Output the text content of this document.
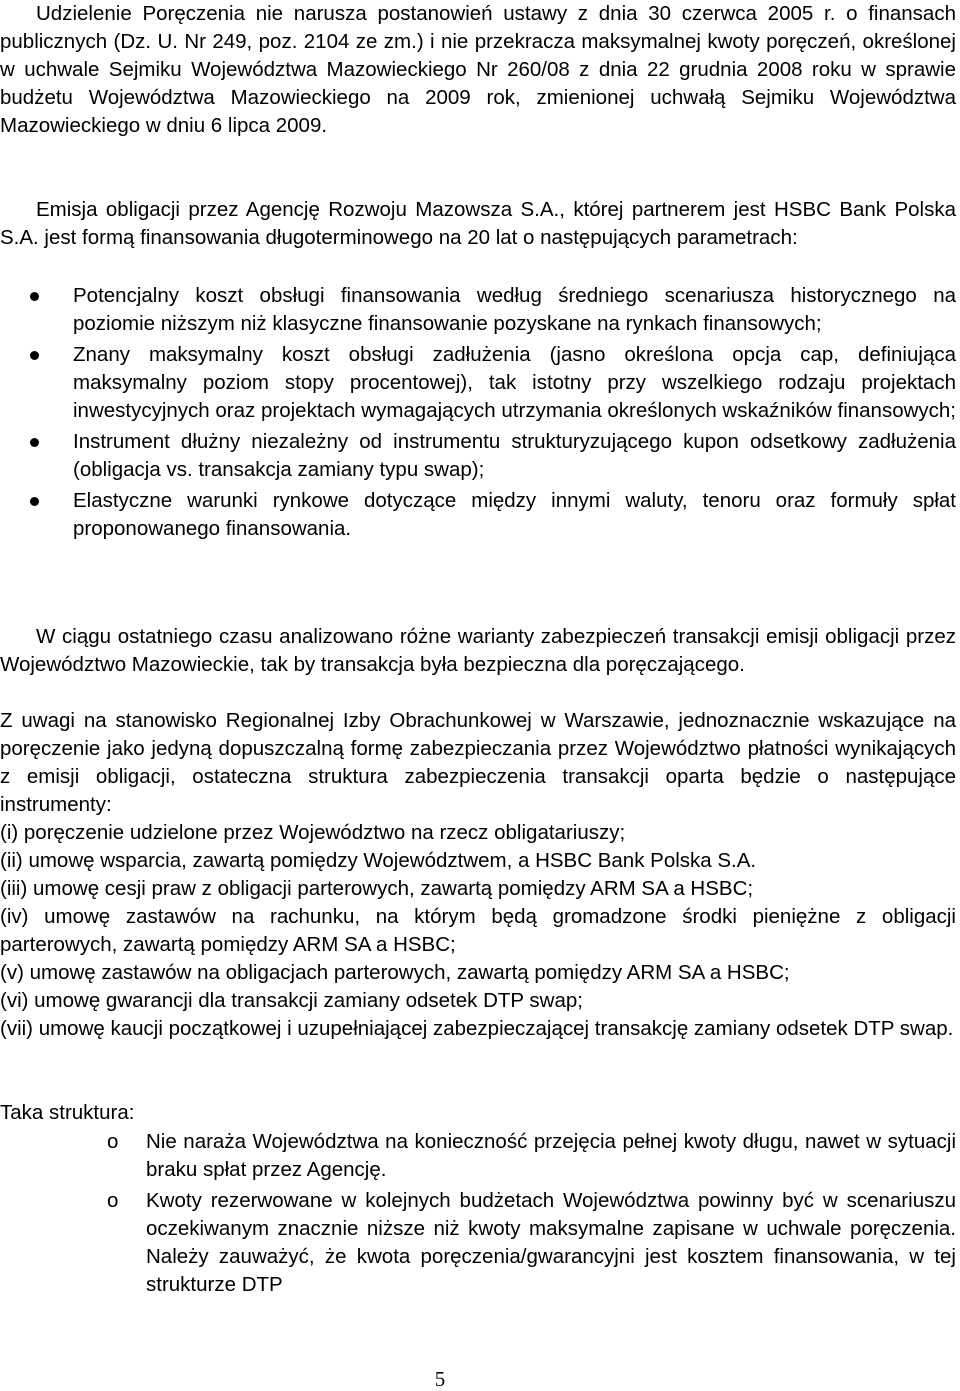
Udzielenie Poręczenia nie narusza postanowień ustawy z dnia 30 czerwca 2005 r. o finansach publicznych (Dz. U. Nr 249, poz. 2104 ze zm.) i nie przekracza maksymalnej kwoty poręczeń, określonej w uchwale Sejmiku Województwa Mazowieckiego Nr 260/08 z dnia 22 grudnia 2008 roku w sprawie budżetu Województwa Mazowieckiego na 2009 rok, zmienionej uchwałą Sejmiku Województwa Mazowieckiego w dniu 6 lipca 2009.

Emisja obligacji przez Agencję Rozwoju Mazowsza S.A., której partnerem jest HSBC Bank Polska S.A. jest formą finansowania długoterminowego na 20 lat o następujących parametrach:

Potencjalny koszt obsługi finansowania według średniego scenariusza historycznego na poziomie niższym niż klasyczne finansowanie pozyskane na rynkach finansowych;
Znany maksymalny koszt obsługi zadłużenia (jasno określona opcja cap, definiująca maksymalny poziom stopy procentowej), tak istotny przy wszelkiego rodzaju projektach inwestycyjnych oraz projektach wymagających utrzymania określonych wskaźników finansowych;
Instrument dłużny niezależny od instrumentu strukturyzującego kupon odsetkowy zadłużenia (obligacja vs. transakcja zamiany typu swap);
Elastyczne warunki rynkowe dotyczące między innymi waluty, tenoru oraz formuły spłat proponowanego finansowania.

W ciągu ostatniego czasu analizowano różne warianty zabezpieczeń transakcji emisji obligacji przez Województwo Mazowieckie, tak by transakcja była bezpieczna dla poręczającego.

Z uwagi na stanowisko Regionalnej Izby Obrachunkowej w Warszawie, jednoznacznie wskazujące na poręczenie jako jedyną dopuszczalną formę zabezpieczania przez Województwo płatności wynikających z emisji obligacji, ostateczna struktura zabezpieczenia transakcji oparta będzie o następujące instrumenty:

(i) poręczenie udzielone przez Województwo na rzecz obligatariuszy;

(ii) umowę wsparcia, zawartą pomiędzy Województwem, a HSBC Bank Polska S.A.

(iii) umowę cesji praw z obligacji parterowych, zawartą pomiędzy ARM SA a HSBC;

(iv) umowę zastawów na rachunku, na którym będą gromadzone środki pieniężne z obligacji parterowych, zawartą pomiędzy ARM SA a HSBC;

(v) umowę zastawów na obligacjach parterowych, zawartą pomiędzy ARM SA a HSBC;

(vi) umowę gwarancji dla transakcji zamiany odsetek DTP swap;

(vii) umowę kaucji początkowej i uzupełniającej zabezpieczającej transakcję zamiany odsetek DTP swap.

Taka struktura:

o Nie naraża Województwa na konieczność przejęcia pełnej kwoty długu, nawet w sytuacji braku spłat przez Agencję.
o Kwoty rezerwowane w kolejnych budżetach Województwa powinny być w scenariuszu oczekiwanym znacznie niższe niż kwoty maksymalne zapisane w uchwale poręczenia. Należy zauważyć, że kwota poręczenia/gwarancyjni jest kosztem finansowania, w tej strukturze DTP
5
